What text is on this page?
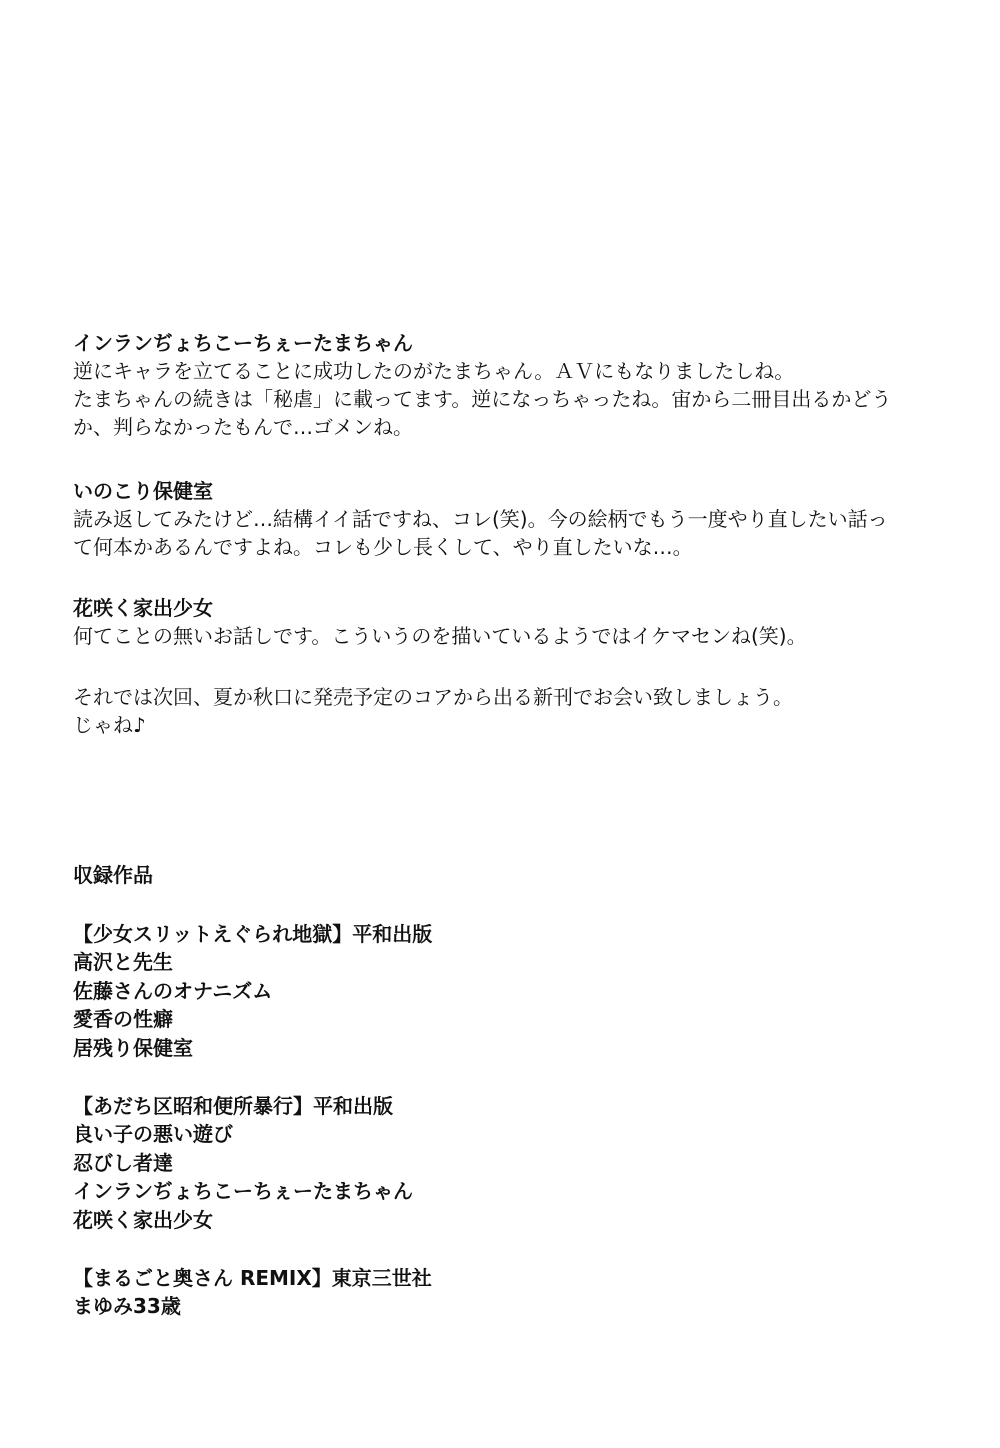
インランぢょちこーちぇーたまちゃん
逆にキャラを立てることに成功したのがたまちゃん。ＡＶにもなりましたしね。
たまちゃんの続きは「秘虐」に載ってます。逆になっちゃったね。宙から二冊目出るかどう
か、判らなかったもんで…ゴメンね。
いのこり保健室
読み返してみたけど…結構イイ話ですね、コレ(笑)。今の絵柄でもう一度やり直したい話っ
て何本かあるんですよね。コレも少し長くして、やり直したいな…。
花咲く家出少女
何てことの無いお話しです。こういうのを描いているようではイケマセンね(笑)。
それでは次回、夏か秋口に発売予定のコアから出る新刊でお会い致しましょう。
じゃね♪
収録作品
【少女スリットえぐられ地獄】平和出版
高沢と先生
佐藤さんのオナニズム
愛香の性癖
居残り保健室
【あだち区昭和便所暴行】平和出版
良い子の悪い遊び
忍びし者達
インランぢょちこーちぇーたまちゃん
花咲く家出少女
【まるごと奥さん REMIX】東京三世社
まゆみ33歳
